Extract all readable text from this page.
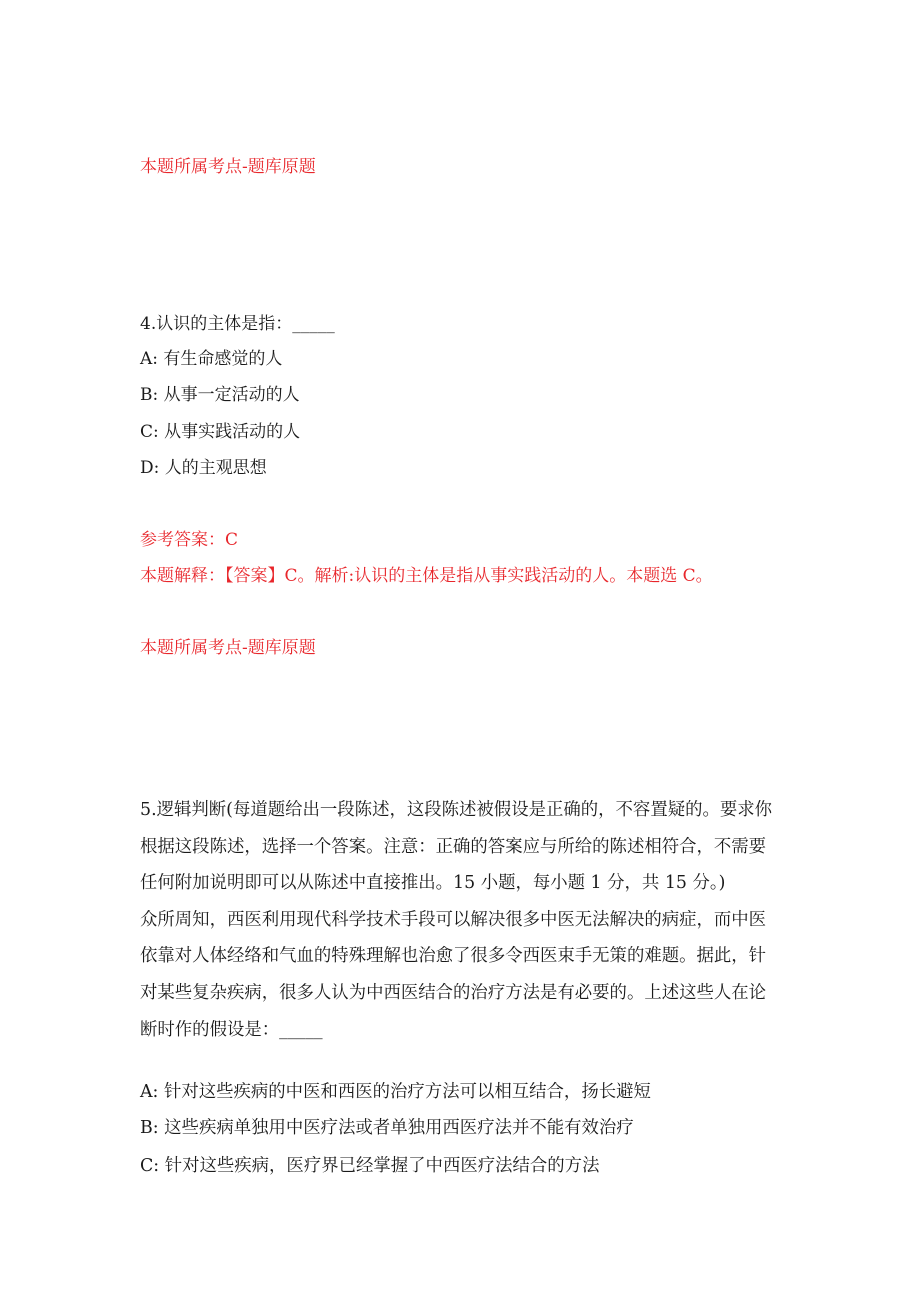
本题所属考点-题库原题
4.认识的主体是指：_____
A: 有生命感觉的人
B: 从事一定活动的人
C: 从事实践活动的人
D: 人的主观思想
参考答案：C
本题解释：【答案】C。解析:认识的主体是指从事实践活动的人。本题选 C。
本题所属考点-题库原题

5.逻辑判断(每道题给出一段陈述，这段陈述被假设是正确的，不容置疑的。要求你根据这段陈述，选择一个答案。注意：正确的答案应与所给的陈述相符合，不需要任何附加说明即可以从陈述中直接推出。15 小题，每小题 1 分，共 15 分。)

众所周知，西医利用现代科学技术手段可以解决很多中医无法解决的病症，而中医依靠对人体经络和气血的特殊理解也治愈了很多令西医束手无策的难题。据此，针对某些复杂疾病，很多人认为中西医结合的治疗方法是有必要的。上述这些人在论断时作的假设是：_____

A: 针对这些疾病的中医和西医的治疗方法可以相互结合，扬长避短
B: 这些疾病单独用中医疗法或者单独用西医疗法并不能有效治疗
C: 针对这些疾病，医疗界已经掌握了中西医疗法结合的方法
